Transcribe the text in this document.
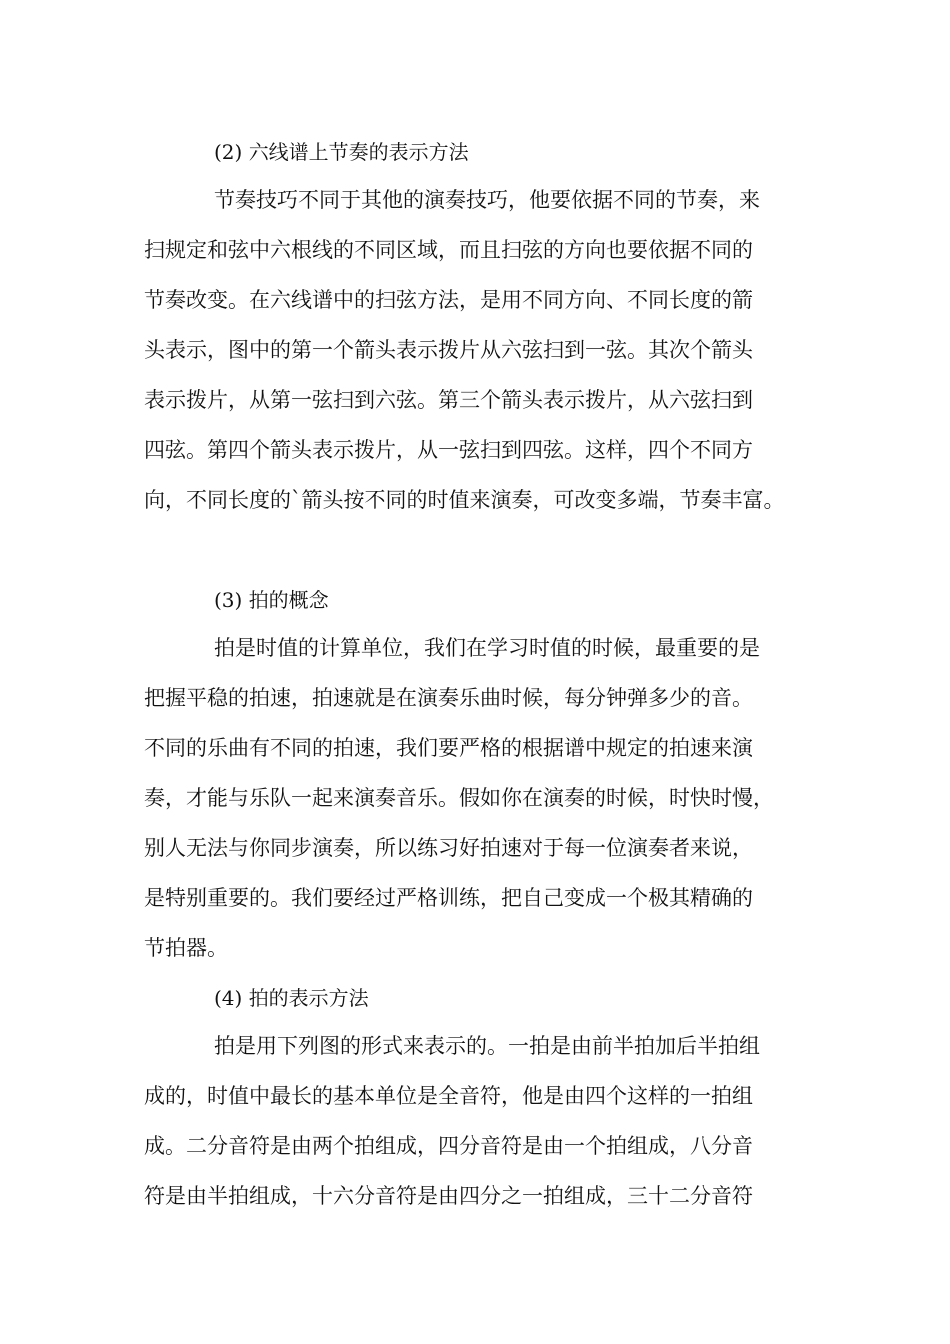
(2) 六线谱上节奏的表示方法
节奏技巧不同于其他的演奏技巧，他要依据不同的节奏，来
扫规定和弦中六根线的不同区域，而且扫弦的方向也要依据不同的
节奏改变。在六线谱中的扫弦方法，是用不同方向、不同长度的箭
头表示，图中的第一个箭头表示拨片从六弦扫到一弦。其次个箭头
表示拨片，从第一弦扫到六弦。第三个箭头表示拨片，从六弦扫到
四弦。第四个箭头表示拨片，从一弦扫到四弦。这样，四个不同方
向，不同长度的`箭头按不同的时值来演奏，可改变多端，节奏丰富。
(3) 拍的概念
拍是时值的计算单位，我们在学习时值的时候，最重要的是
把握平稳的拍速，拍速就是在演奏乐曲时候，每分钟弹多少的音。
不同的乐曲有不同的拍速，我们要严格的根据谱中规定的拍速来演
奏，才能与乐队一起来演奏音乐。假如你在演奏的时候，时快时慢，
别人无法与你同步演奏，所以练习好拍速对于每一位演奏者来说，
是特别重要的。我们要经过严格训练，把自己变成一个极其精确的
节拍器。
(4) 拍的表示方法
拍是用下列图的形式来表示的。一拍是由前半拍加后半拍组
成的，时值中最长的基本单位是全音符，他是由四个这样的一拍组
成。二分音符是由两个拍组成，四分音符是由一个拍组成，八分音
符是由半拍组成，十六分音符是由四分之一拍组成，三十二分音符
